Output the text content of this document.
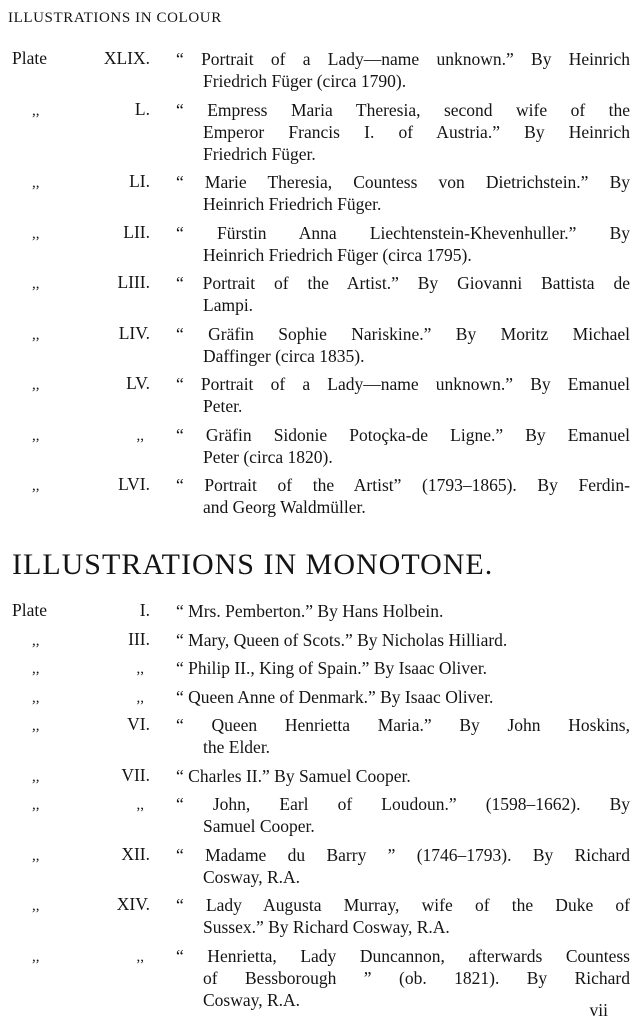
ILLUSTRATIONS IN COLOUR
Plate	XLIX. “ Portrait of a Lady—name unknown.” By Heinrich
Friedrich Füger (circa 1790).
,,	L. “ Empress Maria Theresia, second wife of the
Emperor Francis I. of Austria.” By Heinrich
Friedrich Füger.
,,	LI. “ Marie Theresia, Countess von Dietrichstein.” By
Heinrich Friedrich Füger.
,,	LII. “ Fürstin Anna Liechtenstein-Khevenhuller.” By
Heinrich Friedrich Füger (circa 1795).
,,	LIII. “ Portrait of the Artist.” By Giovanni Battista de
Lampi.
,,	LIV. “ Gräfin Sophie Nariskine.” By Moritz Michael
Daffinger (circa 1835).
,,	LV. “ Portrait of a Lady—name unknown.” By Emanuel
Peter.
,,	,, “ Gräfin Sidonie Potoçka-de Ligne.” By Emanuel
Peter (circa 1820).
,,	LVI. “ Portrait of the Artist” (1793–1865). By Ferdin-
and Georg Waldmüller.
ILLUSTRATIONS IN MONOTONE.
Plate	I. “ Mrs. Pemberton.” By Hans Holbein.
,,	III. “ Mary, Queen of Scots.” By Nicholas Hilliard.
,,	,, “ Philip II., King of Spain.” By Isaac Oliver.
,,	,, “ Queen Anne of Denmark.” By Isaac Oliver.
,,	VI. “ Queen Henrietta Maria.” By John Hoskins,
the Elder.
,,	VII. “ Charles II.” By Samuel Cooper.
,,	,, “ John, Earl of Loudoun.” (1598–1662). By
Samuel Cooper.
,,	XII. “ Madame du Barry ” (1746–1793). By Richard
Cosway, R.A.
,,	XIV. “ Lady Augusta Murray, wife of the Duke of
Sussex.” By Richard Cosway, R.A.
,,	,, “ Henrietta, Lady Duncannon, afterwards Countess
of Bessborough ” (ob. 1821). By Richard
Cosway, R.A.
vii
